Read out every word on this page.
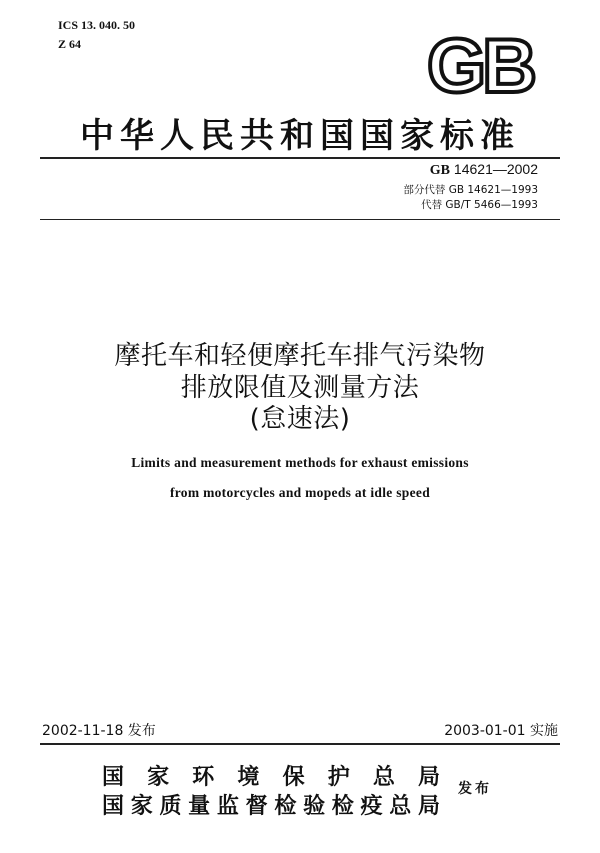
ICS 13. 040. 50
Z 64	GB
中华人民共和国国家标准
GB 14621—2002
部分代替 GB 14621—1993
代替 GB/T 5466—1993
摩托车和轻便摩托车排气污染物
排放限值及测量方法
(怠速法)
Limits and measurement methods for exhaust emissions
from motorcycles and mopeds at idle speed
2002-11-18 发布	2003-01-01 实施
国家环境保护总局
国家质量监督检验检疫总局
发布
